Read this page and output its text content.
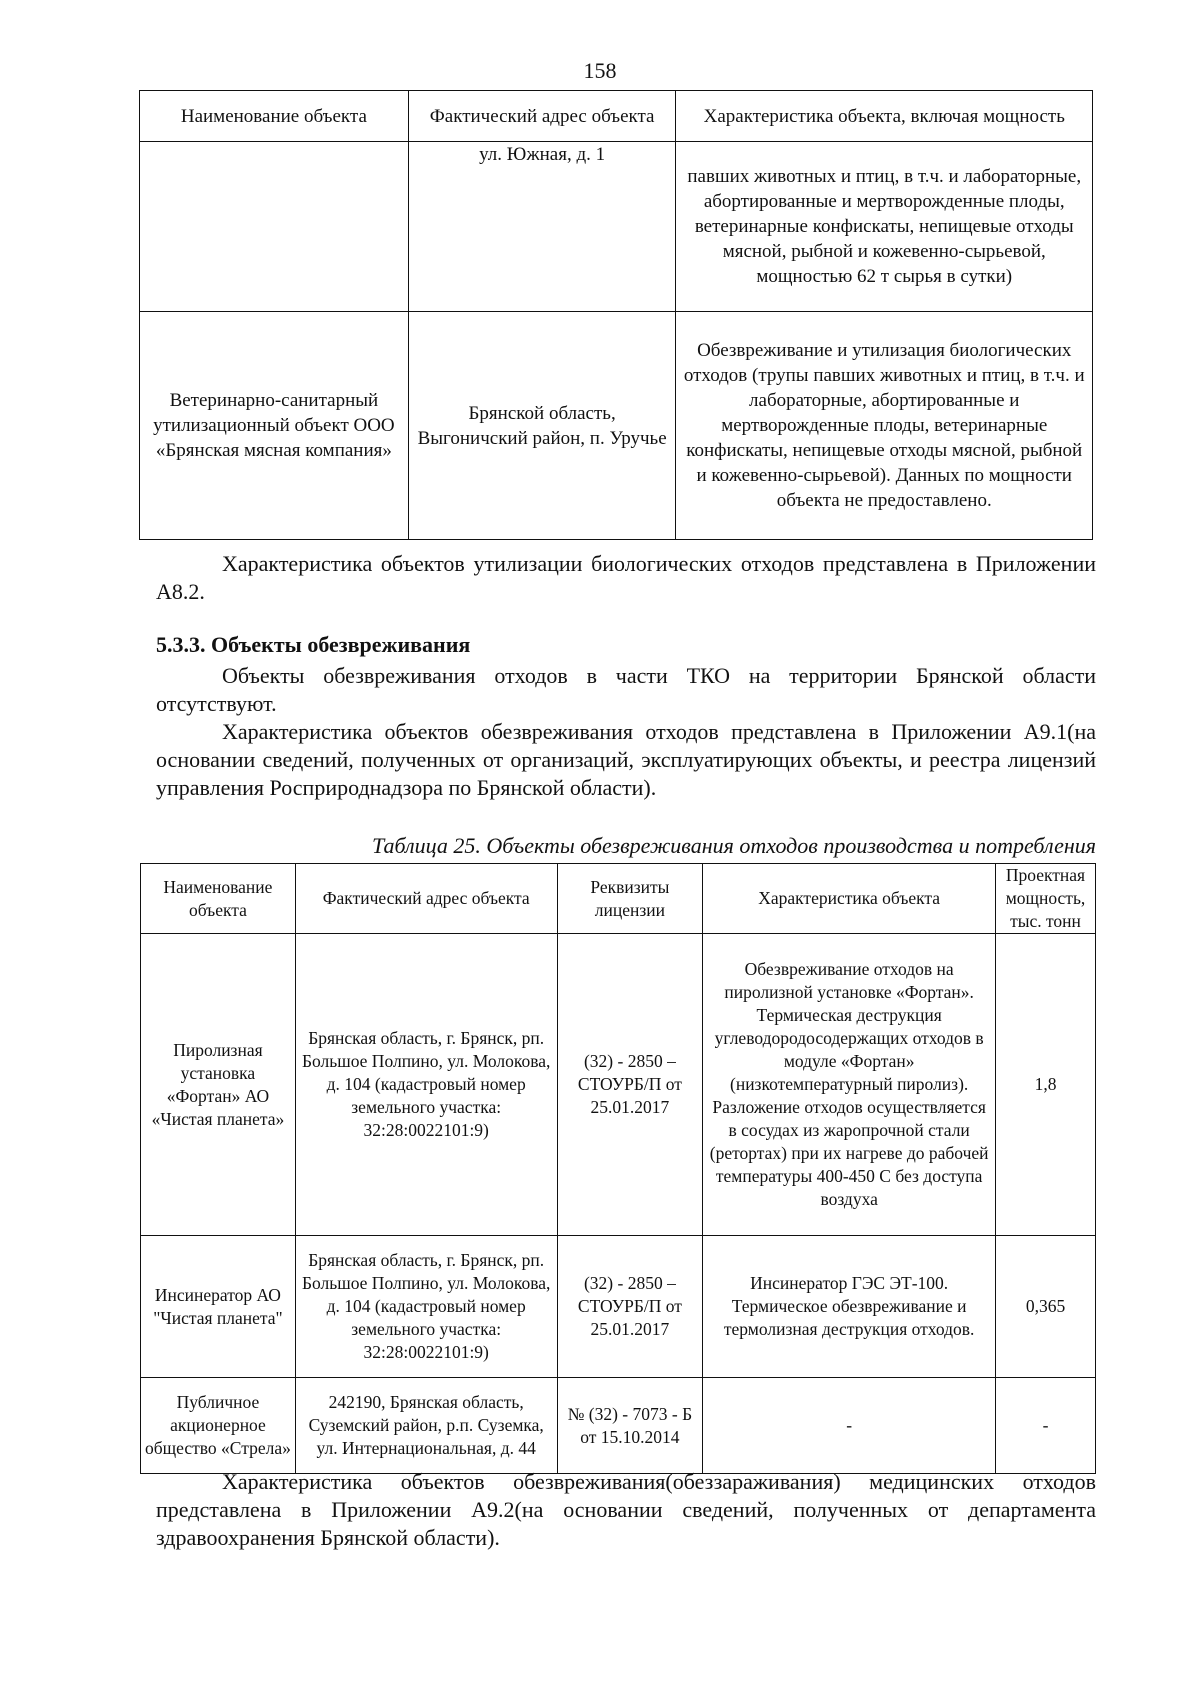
158
Наименование объекта	Фактический адрес объекта	Характеристика объекта, включая мощность
	ул. Южная, д. 1	павших животных и птиц, в т.ч. и лабораторные, абортированные и мертворожденные плоды, ветеринарные конфискаты, непищевые отходы мясной, рыбной и кожевенно-сырьевой, мощностью 62 т сырья в сутки)
Ветеринарно-санитарный утилизационный объект ООО «Брянская мясная компания»	Брянской область, Выгоничский район, п. Уручье	Обезвреживание и утилизация биологических отходов (трупы павших животных и птиц, в т.ч. и лабораторные, абортированные и мертворожденные плоды, ветеринарные конфискаты, непищевые отходы мясной, рыбной и кожевенно-сырьевой). Данных по мощности объекта не предоставлено.

Характеристика объектов утилизации биологических отходов представлена в Приложении А8.2.

5.3.3. Объекты обезвреживания

Объекты обезвреживания отходов в части ТКО на территории Брянской области отсутствуют.

Характеристика объектов обезвреживания отходов представлена в Приложении А9.1(на основании сведений, полученных от организаций, эксплуатирующих объекты, и реестра лицензий управления Росприроднадзора по Брянской области).

Таблица 25. Объекты обезвреживания отходов производства и потребления
Наименование объекта	Фактический адрес объекта	Реквизиты лицензии	Характеристика объекта	Проектная мощность, тыс. тонн
Пиролизная установка «Фортан» АО «Чистая планета»	Брянская область, г. Брянск, рп. Большое Полпино, ул. Молокова, д. 104 (кадастровый номер земельного участка: 32:28:0022101:9)	(32) - 2850 – СТОУРБ/П от 25.01.2017	Обезвреживание отходов на пиролизной установке «Фортан». Термическая деструкция углеводородосодержащих отходов в модуле «Фортан» (низкотемпературный пиролиз). Разложение отходов осуществляется в сосудах из жаропрочной стали (ретортах) при их нагреве до рабочей температуры 400-450 С без доступа воздуха	1,8
Инсинератор АО "Чистая планета"	Брянская область, г. Брянск, рп. Большое Полпино, ул. Молокова, д. 104 (кадастровый номер земельного участка: 32:28:0022101:9)	(32) - 2850 – СТОУРБ/П от 25.01.2017	Инсинератор ГЭС ЭТ-100. Термическое обезвреживание и термолизная деструкция отходов.	0,365
Публичное акционерное общество «Стрела»	242190, Брянская область, Суземский район, р.п. Суземка, ул. Интернациональная, д. 44	№ (32) - 7073 - Б от 15.10.2014	-	-

Характеристика объектов обезвреживания(обеззараживания) медицинских отходов представлена в Приложении А9.2(на основании сведений, полученных от департамента здравоохранения Брянской области).
